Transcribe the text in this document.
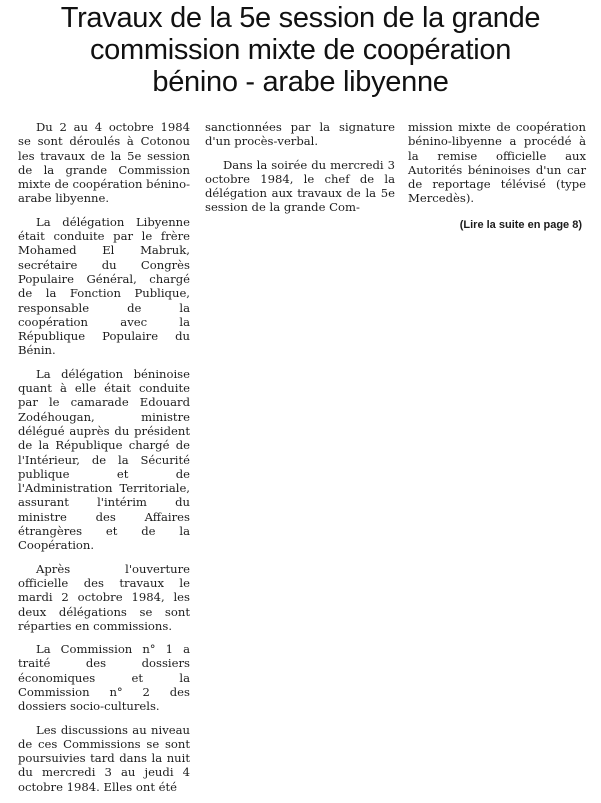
Travaux de la 5e session de la grande
commission mixte de coopération
bénino - arabe libyenne

Du 2 au 4 octobre 1984 se sont déroulés à Cotonou les travaux de la 5e session de la grande Commission mixte de coopération bénino-arabe libyenne.

La délégation Libyenne était conduite par le frère Mohamed El Mabruk, secrétaire du Congrès Populaire Général, chargé de la Fonction Publique, responsable de la coopération avec la République Populaire du Bénin.

La délégation béninoise quant à elle était conduite par le camarade Edouard Zodéhougan, ministre délégué auprès du président de la République chargé de l'Intérieur, de la Sécurité publique et de l'Administration Territoriale, assurant l'intérim du ministre des Affaires étrangères et de la Coopération.

Après l'ouverture officielle des travaux le mardi 2 octobre 1984, les deux délégations se sont réparties en commissions.

La Commission n° 1 a traité des dossiers économiques et la Commission n° 2 des dossiers socio-culturels.

Les discussions au niveau de ces Commissions se sont poursuivies tard dans la nuit du mercredi 3 au jeudi 4 octobre 1984. Elles ont été

sanctionnées par la signature d'un procès-verbal.

Dans la soirée du mercredi 3 octobre 1984, le chef de la délégation aux travaux de la 5e session de la grande Com-

mission mixte de coopération bénino-libyenne a procédé à la remise officielle aux Autorités béninoises d'un car de reportage télévisé (type Mercedès).

(Lire la suite en page 8)
